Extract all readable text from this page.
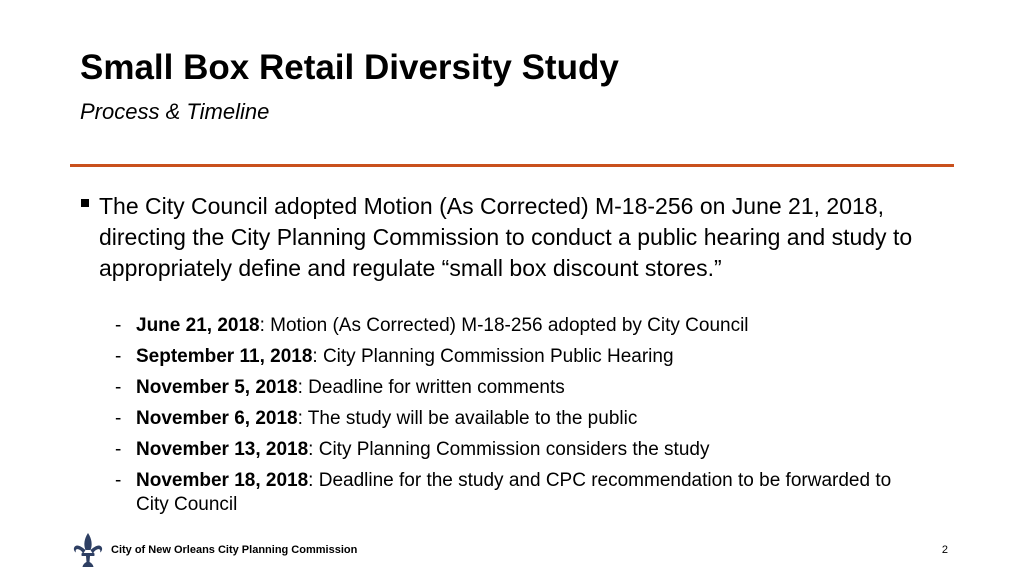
Small Box Retail Diversity Study
Process & Timeline
The City Council adopted Motion (As Corrected) M-18-256 on June 21, 2018, directing the City Planning Commission to conduct a public hearing and study to appropriately define and regulate “small box discount stores.”
- June 21, 2018: Motion (As Corrected) M-18-256 adopted by City Council
- September 11, 2018: City Planning Commission Public Hearing
- November 5, 2018: Deadline for written comments
- November 6, 2018: The study will be available to the public
- November 13, 2018: City Planning Commission considers the study
- November 18, 2018: Deadline for the study and CPC recommendation to be forwarded to City Council
City of New Orleans City Planning Commission	2
